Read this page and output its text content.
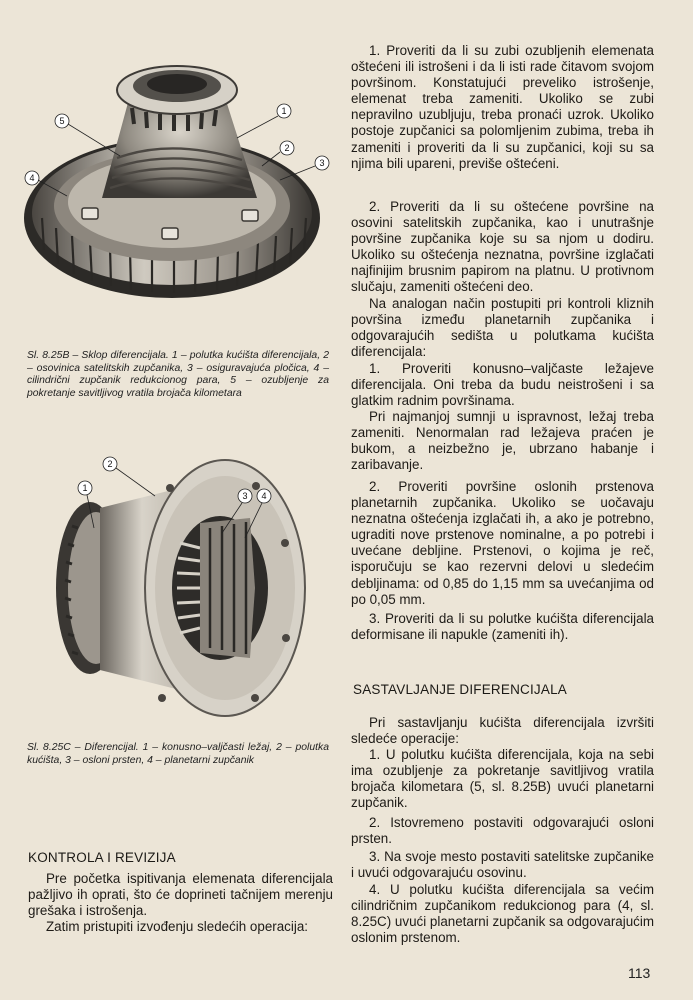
1
2
3
4
5
Sl. 8.25B – Sklop diferencijala. 1 – polutka kućišta diferencijala, 2 – osovinica satelitskih zupčanika, 3 – osiguravajuća pločica, 4 – cilindrični zupčanik redukcionog para, 5 – ozubljenje za pokretanje savitljivog vratila brojača kilometara
1
2
3 4
Sl. 8.25C – Diferencijal. 1 – konusno–valjčasti ležaj, 2 – polutka kućišta, 3 – osloni prsten, 4 – planetarni zupčanik
KONTROLA I REVIZIJA

Pre početka ispitivanja elemenata diferencijala pažljivo ih oprati, što će doprineti tačnijem merenju grešaka i istrošenja.

Zatim pristupiti izvođenju sledećih operacija:

1. Proveriti da li su zubi ozubljenih elemenata oštećeni ili istrošeni i da li isti rade čitavom svojom površinom. Konstatujući preveliko istrošenje, elemenat treba zameniti. Ukoliko se zubi nepravilno uzubljuju, treba pronaći uzrok. Ukoliko postoje zupčanici sa polomljenim zubima, treba ih zameniti i proveriti da li su zupčanici, koji su sa njima bili upareni, previše oštećeni.

2. Proveriti da li su oštećene površine na osovini satelitskih zupčanika, kao i unutrašnje površine zupčanika koje su sa njom u dodiru. Ukoliko su oštećenja neznatna, površine izglačati najfinijim brusnim papirom na platnu. U protivnom slučaju, zameniti oštećeni deo.

Na analogan način postupiti pri kontroli kliznih površina između planetarnih zupčanika i odgovarajućih sedišta u polutkama kućišta diferencijala:

1. Proveriti konusno–valjčaste ležajeve diferencijala. Oni treba da budu neistrošeni i sa glatkim radnim površinama.

Pri najmanjoj sumnji u ispravnost, ležaj treba zameniti. Nenormalan rad ležajeva praćen je bukom, a neizbežno je, ubrzano habanje i zaribavanje.

2. Proveriti površine oslonih prstenova planetarnih zupčanika. Ukoliko se uočavaju neznatna oštećenja izglačati ih, a ako je potrebno, ugraditi nove prstenove nominalne, a po potrebi i uvećane debljine. Prstenovi, o kojima je reč, isporučuju se kao rezervni delovi u sledećim debljinama: od 0,85 do 1,15 mm sa uvećanjima od po 0,05 mm.

3. Proveriti da li su polutke kućišta diferencijala deformisane ili napukle (zameniti ih).

SASTAVLJANJE DIFERENCIJALA

Pri sastavljanju kućišta diferencijala izvršiti sledeće operacije:

1. U polutku kućišta diferencijala, koja na sebi ima ozubljenje za pokretanje savitljivog vratila brojača kilometara (5, sl. 8.25B) uvući planetarni zupčanik.

2. Istovremeno postaviti odgovarajući osloni prsten.

3. Na svoje mesto postaviti satelitske zupčanike i uvući odgovarajuću osovinu.

4. U polutku kućišta diferencijala sa većim cilindričnim zupčanikom redukcionog para (4, sl. 8.25C) uvući planetarni zupčanik sa odgovarajućim oslonim prstenom.

113
